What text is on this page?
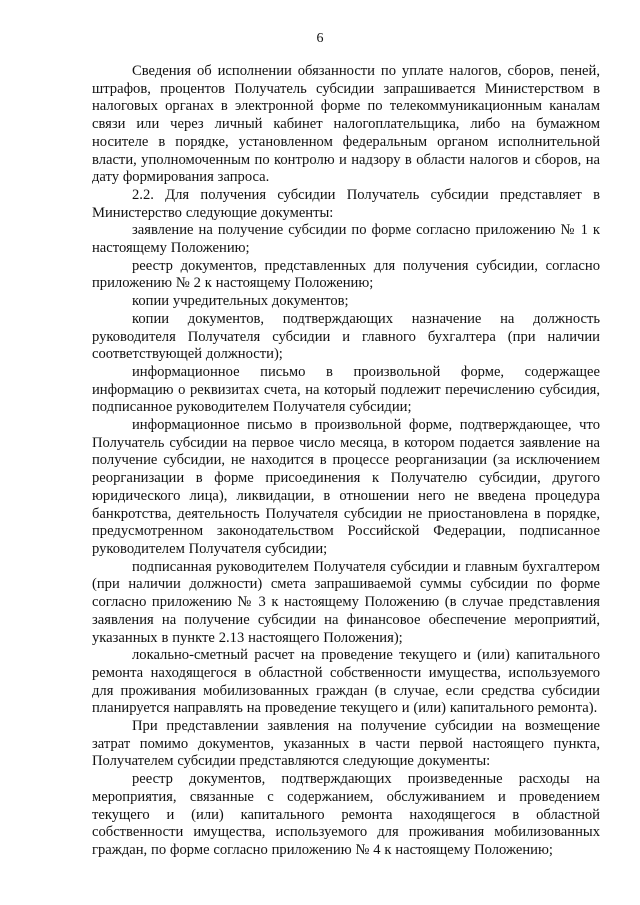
6

Сведения об исполнении обязанности по уплате налогов, сборов, пеней, штрафов, процентов Получатель субсидии запрашивается Министерством в налоговых органах в электронной форме по телекоммуникационным каналам связи или через личный кабинет налогоплательщика, либо на бумажном носителе в порядке, установленном федеральным органом исполнительной власти, уполномоченным по контролю и надзору в области налогов и сборов, на дату формирования запроса.

2.2. Для получения субсидии Получатель субсидии представляет в Министерство следующие документы:

заявление на получение субсидии по форме согласно приложению № 1 к настоящему Положению;

реестр документов, представленных для получения субсидии, согласно приложению № 2 к настоящему Положению;

копии учредительных документов;

копии документов, подтверждающих назначение на должность руководителя Получателя субсидии и главного бухгалтера (при наличии соответствующей должности);

информационное письмо в произвольной форме, содержащее информацию о реквизитах счета, на который подлежит перечислению субсидия, подписанное руководителем Получателя субсидии;

информационное письмо в произвольной форме, подтверждающее, что Получатель субсидии на первое число месяца, в котором подается заявление на получение субсидии, не находится в процессе реорганизации (за исключением реорганизации в форме присоединения к Получателю субсидии, другого юридического лица), ликвидации, в отношении него не введена процедура банкротства, деятельность Получателя субсидии не приостановлена в порядке, предусмотренном законодательством Российской Федерации, подписанное руководителем Получателя субсидии;

подписанная руководителем Получателя субсидии и главным бухгалтером (при наличии должности) смета запрашиваемой суммы субсидии по форме согласно приложению № 3 к настоящему Положению (в случае представления заявления на получение субсидии на финансовое обеспечение мероприятий, указанных в пункте 2.13 настоящего Положения);

локально-сметный расчет на проведение текущего и (или) капитального ремонта находящегося в областной собственности имущества, используемого для проживания мобилизованных граждан (в случае, если средства субсидии планируется направлять на проведение текущего и (или) капитального ремонта).

При представлении заявления на получение субсидии на возмещение затрат помимо документов, указанных в части первой настоящего пункта, Получателем субсидии представляются следующие документы:

реестр документов, подтверждающих произведенные расходы на мероприятия, связанные с содержанием, обслуживанием и проведением текущего и (или) капитального ремонта находящегося в областной собственности имущества, используемого для проживания мобилизованных граждан, по форме согласно приложению № 4 к настоящему Положению;
